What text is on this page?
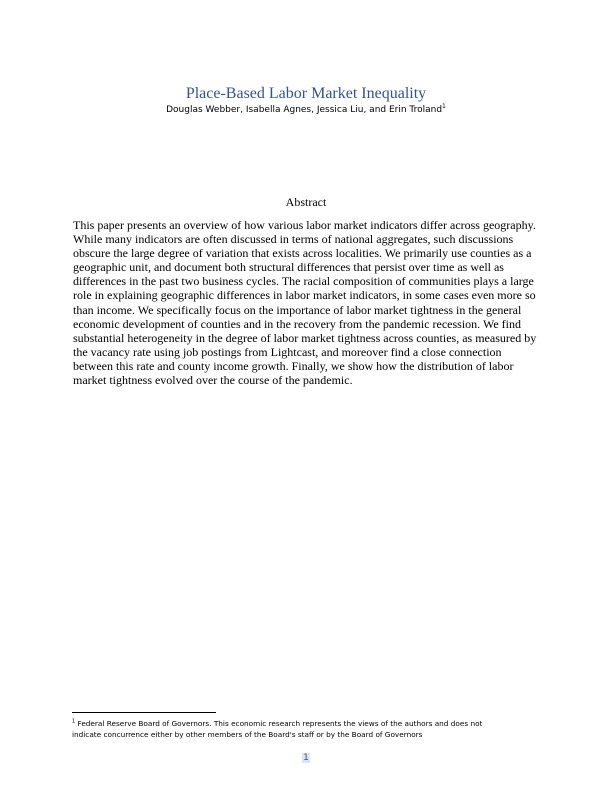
Place-Based Labor Market Inequality
Douglas Webber, Isabella Agnes, Jessica Liu, and Erin Troland$^1$
Abstract
This paper presents an overview of how various labor market indicators differ across geography.
While many indicators are often discussed in terms of national aggregates, such discussions
obscure the large degree of variation that exists across localities. We primarily use counties as a
geographic unit, and document both structural differences that persist over time as well as
differences in the past two business cycles. The racial composition of communities plays a large
role in explaining geographic differences in labor market indicators, in some cases even more so
than income. We specifically focus on the importance of labor market tightness in the general
economic development of counties and in the recovery from the pandemic recession. We find
substantial heterogeneity in the degree of labor market tightness across counties, as measured by
the vacancy rate using job postings from Lightcast, and moreover find a close connection
between this rate and county income growth. Finally, we show how the distribution of labor
market tightness evolved over the course of the pandemic.
$^1$ Federal Reserve Board of Governors. This economic research represents the views of the authors and does not
indicate concurrence either by other members of the Board's staff or by the Board of Governors
1
